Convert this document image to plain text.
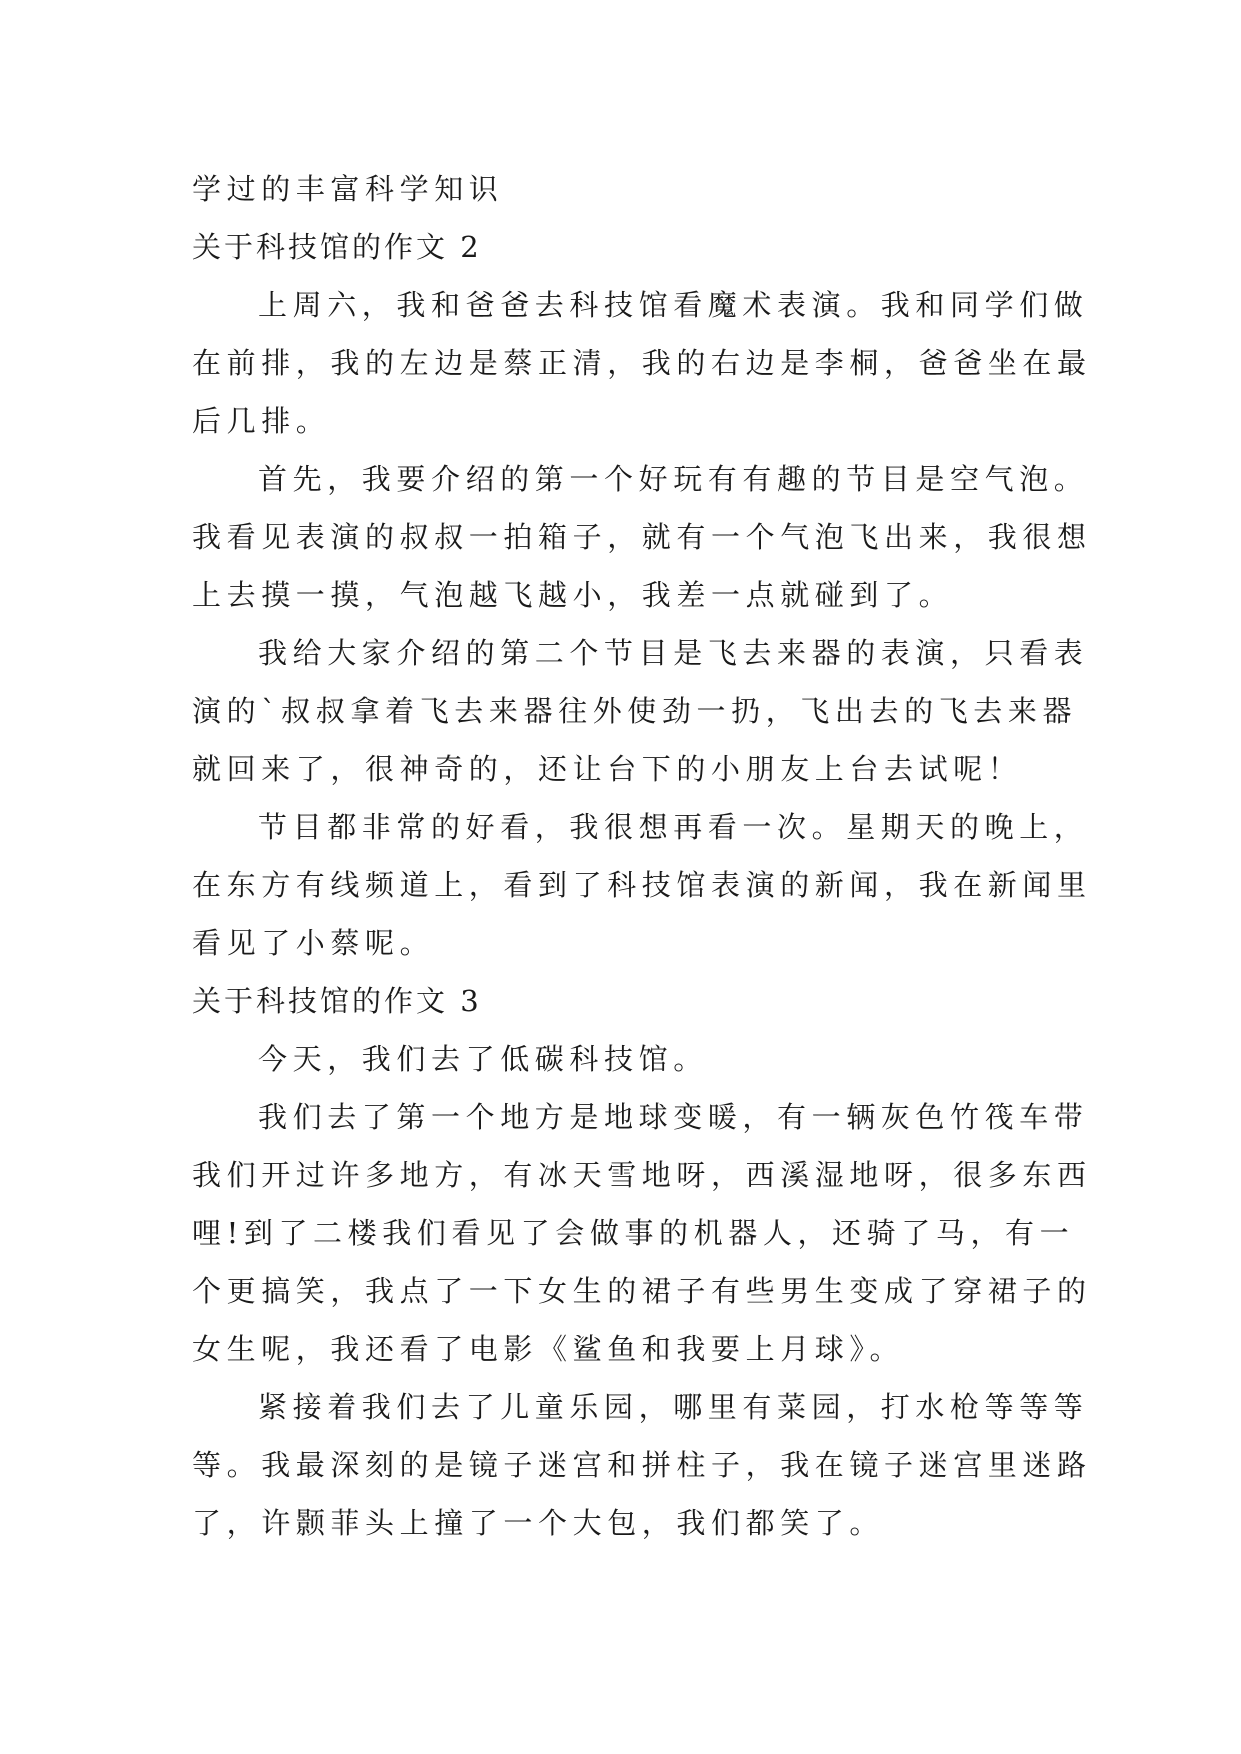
学过的丰富科学知识

关于科技馆的作文 2

上周六，我和爸爸去科技馆看魔术表演。我和同学们做

在前排，我的左边是蔡正清，我的右边是李桐，爸爸坐在最

后几排。

首先，我要介绍的第一个好玩有有趣的节目是空气泡。

我看见表演的叔叔一拍箱子，就有一个气泡飞出来，我很想

上去摸一摸，气泡越飞越小，我差一点就碰到了。

我给大家介绍的第二个节目是飞去来器的表演，只看表

演的`叔叔拿着飞去来器往外使劲一扔，飞出去的飞去来器

就回来了，很神奇的，还让台下的小朋友上台去试呢！

节目都非常的好看，我很想再看一次。星期天的晚上，

在东方有线频道上，看到了科技馆表演的新闻，我在新闻里

看见了小蔡呢。

关于科技馆的作文 3

今天，我们去了低碳科技馆。

我们去了第一个地方是地球变暖，有一辆灰色竹筏车带

我们开过许多地方，有冰天雪地呀，西溪湿地呀，很多东西

哩!到了二楼我们看见了会做事的机器人，还骑了马，有一

个更搞笑，我点了一下女生的裙子有些男生变成了穿裙子的

女生呢，我还看了电影《鲨鱼和我要上月球》。

紧接着我们去了儿童乐园，哪里有菜园，打水枪等等等

等。我最深刻的是镜子迷宫和拼柱子，我在镜子迷宫里迷路

了，许颢菲头上撞了一个大包，我们都笑了。
